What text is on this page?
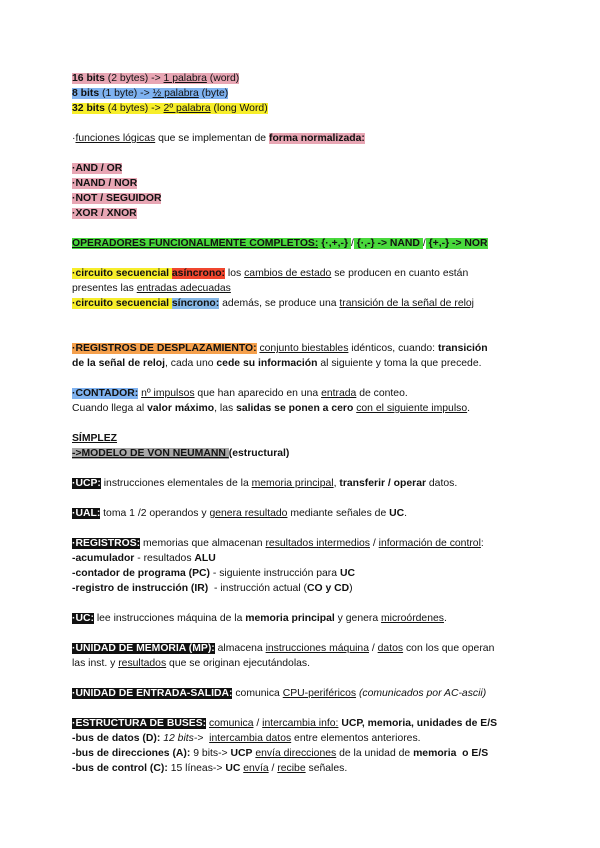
16 bits (2 bytes) -> 1 palabra (word)
8 bits (1 byte) -> ½ palabra (byte)
32 bits (4 bytes) -> 2º palabra (long Word)
·funciones lógicas que se implementan de forma normalizada:
·AND / OR
·NAND / NOR
·NOT / SEGUIDOR
·XOR / XNOR
OPERADORES FUNCIONALMENTE COMPLETOS: {·,+,-} / {·,-} -> NAND / {+,-} -> NOR
·circuito secuencial asíncrono: los cambios de estado se producen en cuanto están
presentes las entradas adecuadas
·circuito secuencial síncrono: además, se produce una transición de la señal de reloj
·REGISTROS DE DESPLAZAMIENTO: conjunto biestables idénticos, cuando: transición
de la señal de reloj, cada uno cede su información al siguiente y toma la que precede.
·CONTADOR: nº impulsos que han aparecido en una entrada de conteo.
Cuando llega al valor máximo, las salidas se ponen a cero con el siguiente impulso.
SÍMPLEZ
->MODELO DE VON NEUMANN (estructural)
·UCP: instrucciones elementales de la memoria principal, transferir / operar datos.
·UAL: toma 1 /2 operandos y genera resultado mediante señales de UC.
·REGISTROS: memorias que almacenan resultados intermedios / información de control:
-acumulador - resultados ALU
-contador de programa (PC) - siguiente instrucción para UC
-registro de instrucción (IR)  - instrucción actual (CO y CD)
·UC: lee instrucciones máquina de la memoria principal y genera microórdenes.
·UNIDAD DE MEMORIA (MP): almacena instrucciones máquina / datos con los que operan
las inst. y resultados que se originan ejecutándolas.
·UNIDAD DE ENTRADA-SALIDA: comunica CPU-periféricos (comunicados por AC-ascii)
·ESTRUCTURA DE BUSES: comunica / intercambia info: UCP, memoria, unidades de E/S
-bus de datos (D): 12 bits-> intercambia datos entre elementos anteriores.
-bus de direcciones (A): 9 bits-> UCP envía direcciones de la unidad de memoria  o E/S
-bus de control (C): 15 líneas-> UC envía / recibe señales.
